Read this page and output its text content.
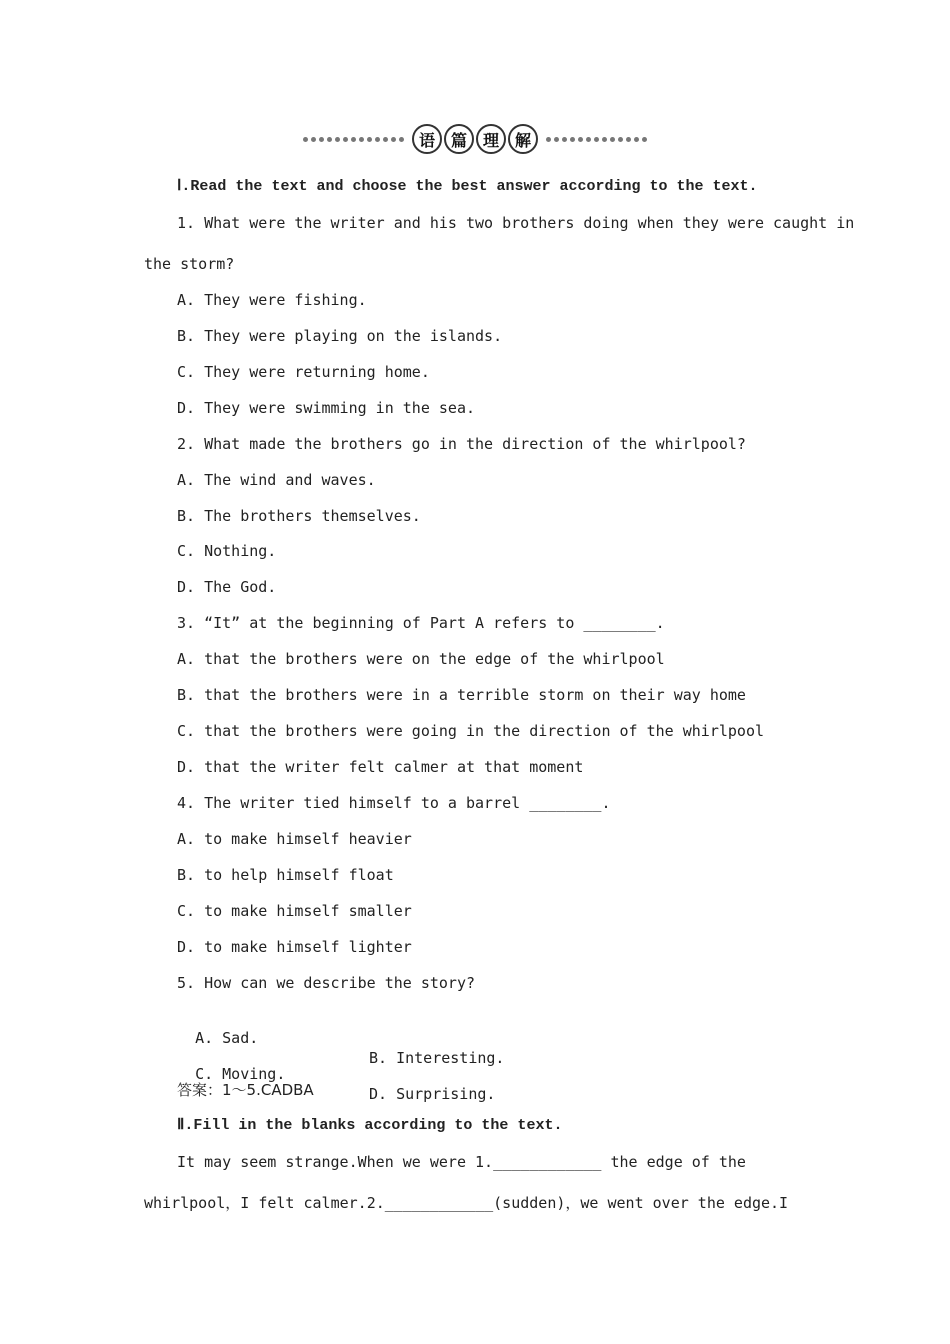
语 篇 理 解
Ⅰ.Read the text and choose the best answer according to the text.
1. What were the writer and his two brothers doing when they were caught in
the storm?
A. They were fishing.
B. They were playing on the islands.
C. They were returning home.
D. They were swimming in the sea.
2. What made the brothers go in the direction of the whirlpool?
A. The wind and waves.
B. The brothers themselves.
C. Nothing.
D. The God.
3. “It” at the beginning of Part A refers to ________.
A. that the brothers were on the edge of the whirlpool
B. that the brothers were in a terrible storm on their way home
C. that the brothers were going in the direction of the whirlpool
D. that the writer felt calmer at that moment
4. The writer tied himself to a barrel ________.
A. to make himself heavier
B. to help himself float
C. to make himself smaller
D. to make himself lighter
5. How can we describe the story?

A. Sad.

B. Interesting.

C. Moving.

D. Surprising.

答案：1～5.CADBA
Ⅱ.Fill in the blanks according to the text.
It may seem strange.When we were 1.____________ the edge of the
whirlpool，I felt calmer.2.____________(sudden)，we went over the edge.I
